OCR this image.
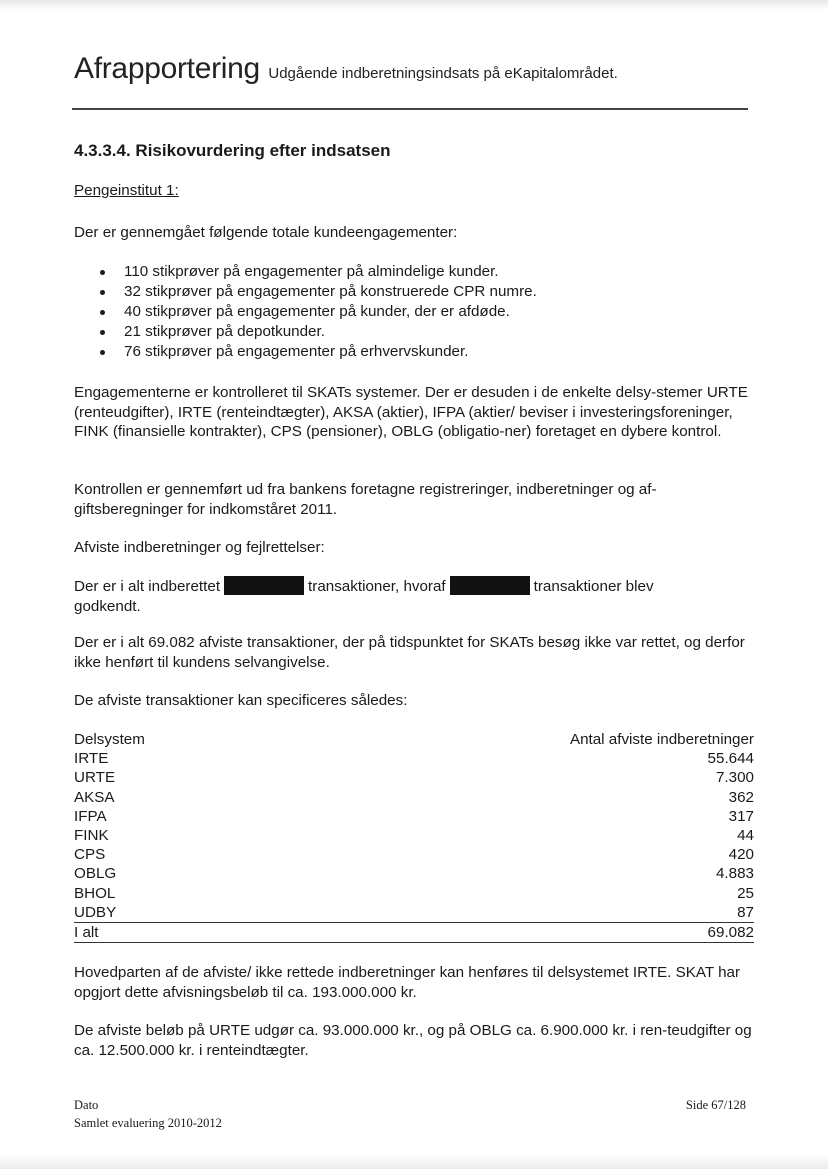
Afrapportering Udgående indberetningsindsats på eKapitalområdet.
4.3.3.4. Risikovurdering efter indsatsen
Pengeinstitut 1:
Der er gennemgået følgende totale kundeengagementer:
110 stikprøver på engagementer på almindelige kunder.
32 stikprøver på engagementer på konstruerede CPR numre.
40 stikprøver på engagementer på kunder, der er afdøde.
21 stikprøver på depotkunder.
76 stikprøver på engagementer på erhvervskunder.
Engagementerne er kontrolleret til SKATs systemer. Der er desuden i de enkelte delsy-stemer URTE (renteudgifter), IRTE (renteindtægter), AKSA (aktier), IFPA (aktier/ beviser i investeringsforeninger, FINK (finansielle kontrakter), CPS (pensioner), OBLG (obligatio-ner) foretaget en dybere kontrol.
Kontrollen er gennemført ud fra bankens foretagne registreringer, indberetninger og af-giftsberegninger for indkomståret 2011.
Afviste indberetninger og fejlrettelser:
Der er i alt indberettet	transaktioner, hvoraf	transaktioner blev
godkendt.
Der er i alt 69.082 afviste transaktioner, der på tidspunktet for SKATs besøg ikke var rettet, og derfor ikke henført til kundens selvangivelse.
De afviste transaktioner kan specificeres således:
Delsystem	Antal afviste indberetninger
IRTE	55.644
URTE	7.300
AKSA	362
IFPA	317
FINK	44
CPS	420
OBLG	4.883
BHOL	25
UDBY	87
I alt	69.082
Hovedparten af de afviste/ ikke rettede indberetninger kan henføres til delsystemet IRTE. SKAT har opgjort dette afvisningsbeløb til ca. 193.000.000 kr.
De afviste beløb på URTE udgør ca. 93.000.000 kr., og på OBLG ca. 6.900.000 kr. i ren-teudgifter og ca. 12.500.000 kr. i renteindtægter.
Dato
Samlet evaluering 2010-2012
Side 67/128
